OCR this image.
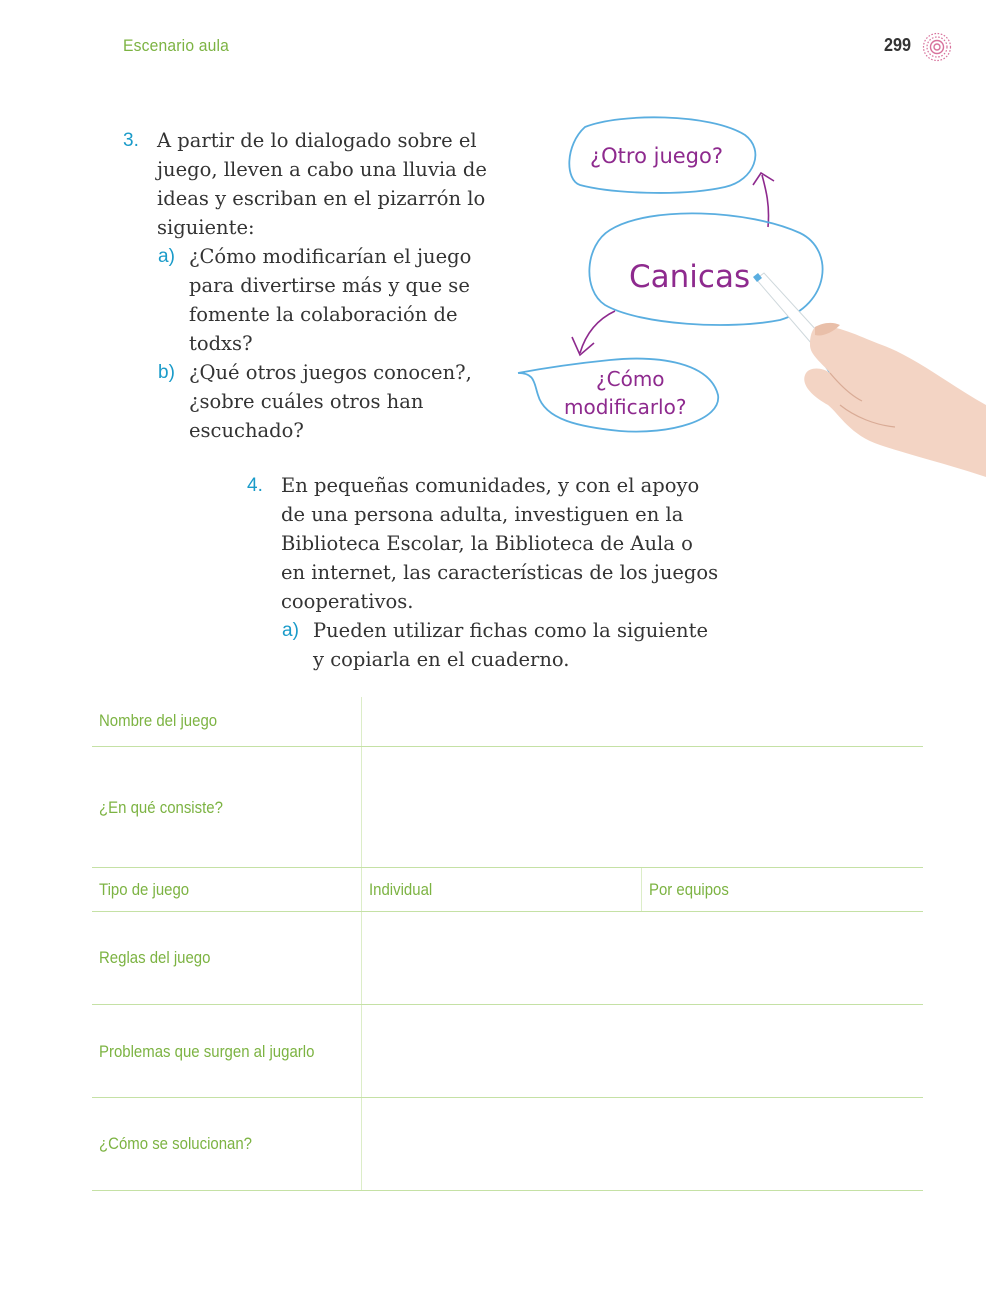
Escenario aula	299
3. A partir de lo dialogado sobre el
juego, lleven a cabo una lluvia de
ideas y escriban en el pizarrón lo
siguiente:
a) ¿Cómo modificarían el juego
para divertirse más y que se
fomente la colaboración de
todxs?
b) ¿Qué otros juegos conocen?,
¿sobre cuáles otros han
escuchado?
¿Otro juego?
Canicas
¿Cómo
modificarlo?
4. En pequeñas comunidades, y con el apoyo
de una persona adulta, investiguen en la
Biblioteca Escolar, la Biblioteca de Aula o
en internet, las características de los juegos
cooperativos.
a) Pueden utilizar fichas como la siguiente
y copiarla en el cuaderno.
Nombre del juego
¿En qué consiste?
Tipo de juego	Individual	Por equipos
Reglas del juego
Problemas que surgen al jugarlo
¿Cómo se solucionan?
